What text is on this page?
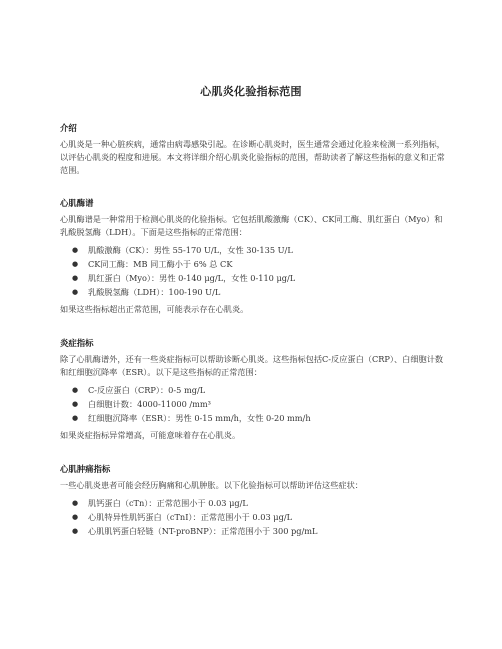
心肌炎化验指标范围
介绍

心肌炎是一种心脏疾病，通常由病毒感染引起。在诊断心肌炎时，医生通常会通过化验来检测一系列指标，以评估心肌炎的程度和进展。本文将详细介绍心肌炎化验指标的范围，帮助读者了解这些指标的意义和正常范围。

心肌酶谱

心肌酶谱是一种常用于检测心肌炎的化验指标。它包括肌酸激酶（CK）、CK同工酶、肌红蛋白（Myo）和乳酸脱氢酶（LDH）。下面是这些指标的正常范围：

● 肌酸激酶（CK）：男性 55-170 U/L，女性 30-135 U/L
● CK同工酶：MB 同工酶小于 6% 总 CK
● 肌红蛋白（Myo）：男性 0-140 μg/L，女性 0-110 μg/L
● 乳酸脱氢酶（LDH）：100-190 U/L

如果这些指标超出正常范围，可能表示存在心肌炎。

炎症指标

除了心肌酶谱外，还有一些炎症指标可以帮助诊断心肌炎。这些指标包括C-反应蛋白（CRP）、白细胞计数和红细胞沉降率（ESR）。以下是这些指标的正常范围：

● C-反应蛋白（CRP）：0-5 mg/L
● 白细胞计数：4000-11000 /mm³
● 红细胞沉降率（ESR）：男性 0-15 mm/h，女性 0-20 mm/h

如果炎症指标异常增高，可能意味着存在心肌炎。

心肌肿痛指标

一些心肌炎患者可能会经历胸痛和心肌肿胀。以下化验指标可以帮助评估这些症状：

● 肌钙蛋白（cTn）：正常范围小于 0.03 μg/L
● 心肌特异性肌钙蛋白（cTnI）：正常范围小于 0.03 μg/L
● 心肌肌钙蛋白轻链（NT-proBNP）：正常范围小于 300 pg/mL
